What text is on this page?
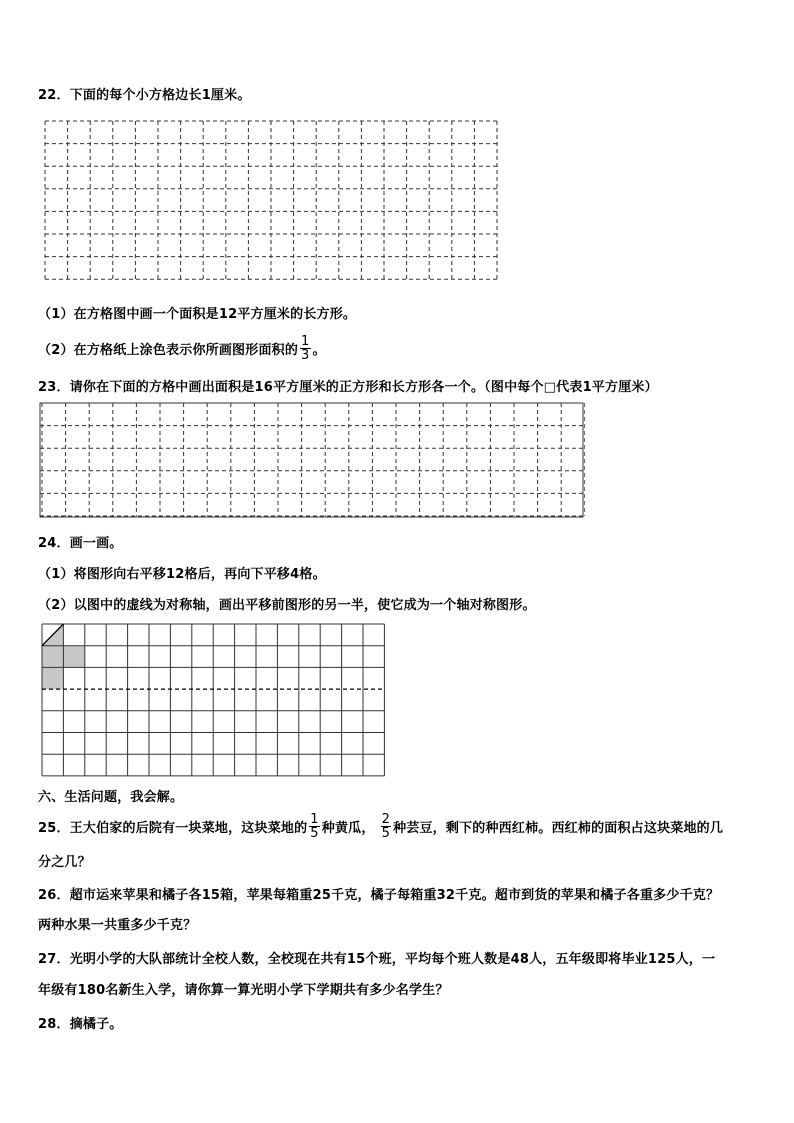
22．下面的每个小方格边长1厘米。
（1）在方格图中画一个面积是12平方厘米的长方形。
（2）在方格纸上涂色表示你所画图形面积的 $\frac{1}{3}$ 。
23．请你在下面的方格中画出面积是16平方厘米的正方形和长方形各一个。（图中每个□代表1平方厘米）
24．画一画。
（1）将图形向右平移12格后，再向下平移4格。
（2）以图中的虚线为对称轴，画出平移前图形的另一半，使它成为一个轴对称图形。
六、生活问题，我会解。
25．王大伯家的后院有一块菜地，这块菜地的 $\frac{1}{5}$ 种黄瓜， $\frac{2}{5}$ 种芸豆，剩下的种西红柿。西红柿的面积占这块菜地的几
分之几？
26．超市运来苹果和橘子各15箱，苹果每箱重25千克，橘子每箱重32千克。超市到货的苹果和橘子各重多少千克？
两种水果一共重多少千克？
27．光明小学的大队部统计全校人数，全校现在共有15个班，平均每个班人数是48人，五年级即将毕业125人，一
年级有180名新生入学，请你算一算光明小学下学期共有多少名学生？
28．摘橘子。
